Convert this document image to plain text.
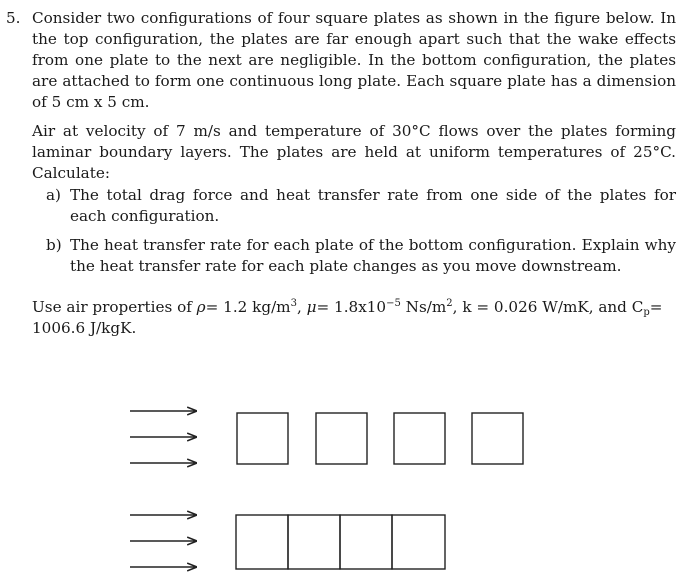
5. Consider two configurations of four square plates as shown in the figure below. In the top configuration, the plates are far enough apart such that the wake effects from one plate to the next are negligible. In the bottom configuration, the plates are attached to form one continuous long plate. Each square plate has a dimension of 5 cm x 5 cm.

Air at velocity of 7 m/s and temperature of 30°C flows over the plates forming laminar boundary layers. The plates are held at uniform temperatures of 25°C. Calculate:

a) The total drag force and heat transfer rate from one side of the plates for each configuration.
b) The heat transfer rate for each plate of the bottom configuration. Explain why the heat transfer rate for each plate changes as you move downstream.

Use air properties of ρ= 1.2 $kg/m^3$, $\mu= 1.8x10^{-5}$ $Ns/m^2$, k = 0.026 W/mK, and $C_p= 1006.6$ J/kgK.
